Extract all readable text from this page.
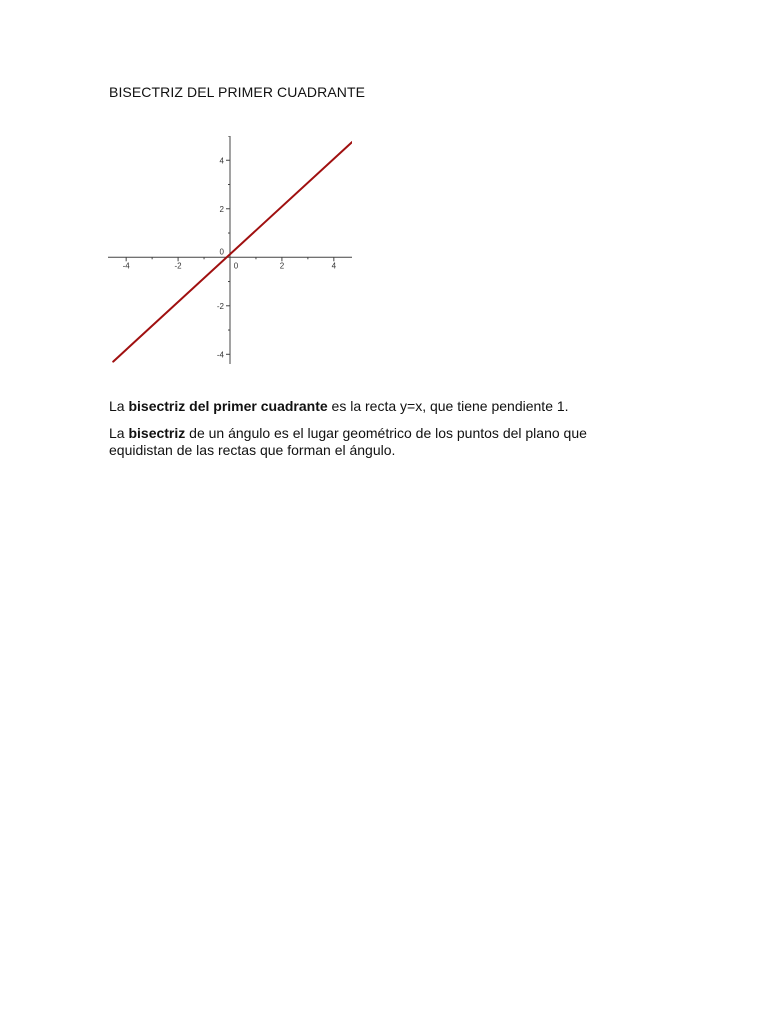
BISECTRIZ DEL PRIMER CUADRANTE
-4	-2	0	2	4
-4
-2
0
2
4

La bisectriz del primer cuadrante es la recta y=x, que tiene pendiente 1.

La bisectriz de un ángulo es el lugar geométrico de los puntos del plano que equidistan de las rectas que forman el ángulo.
